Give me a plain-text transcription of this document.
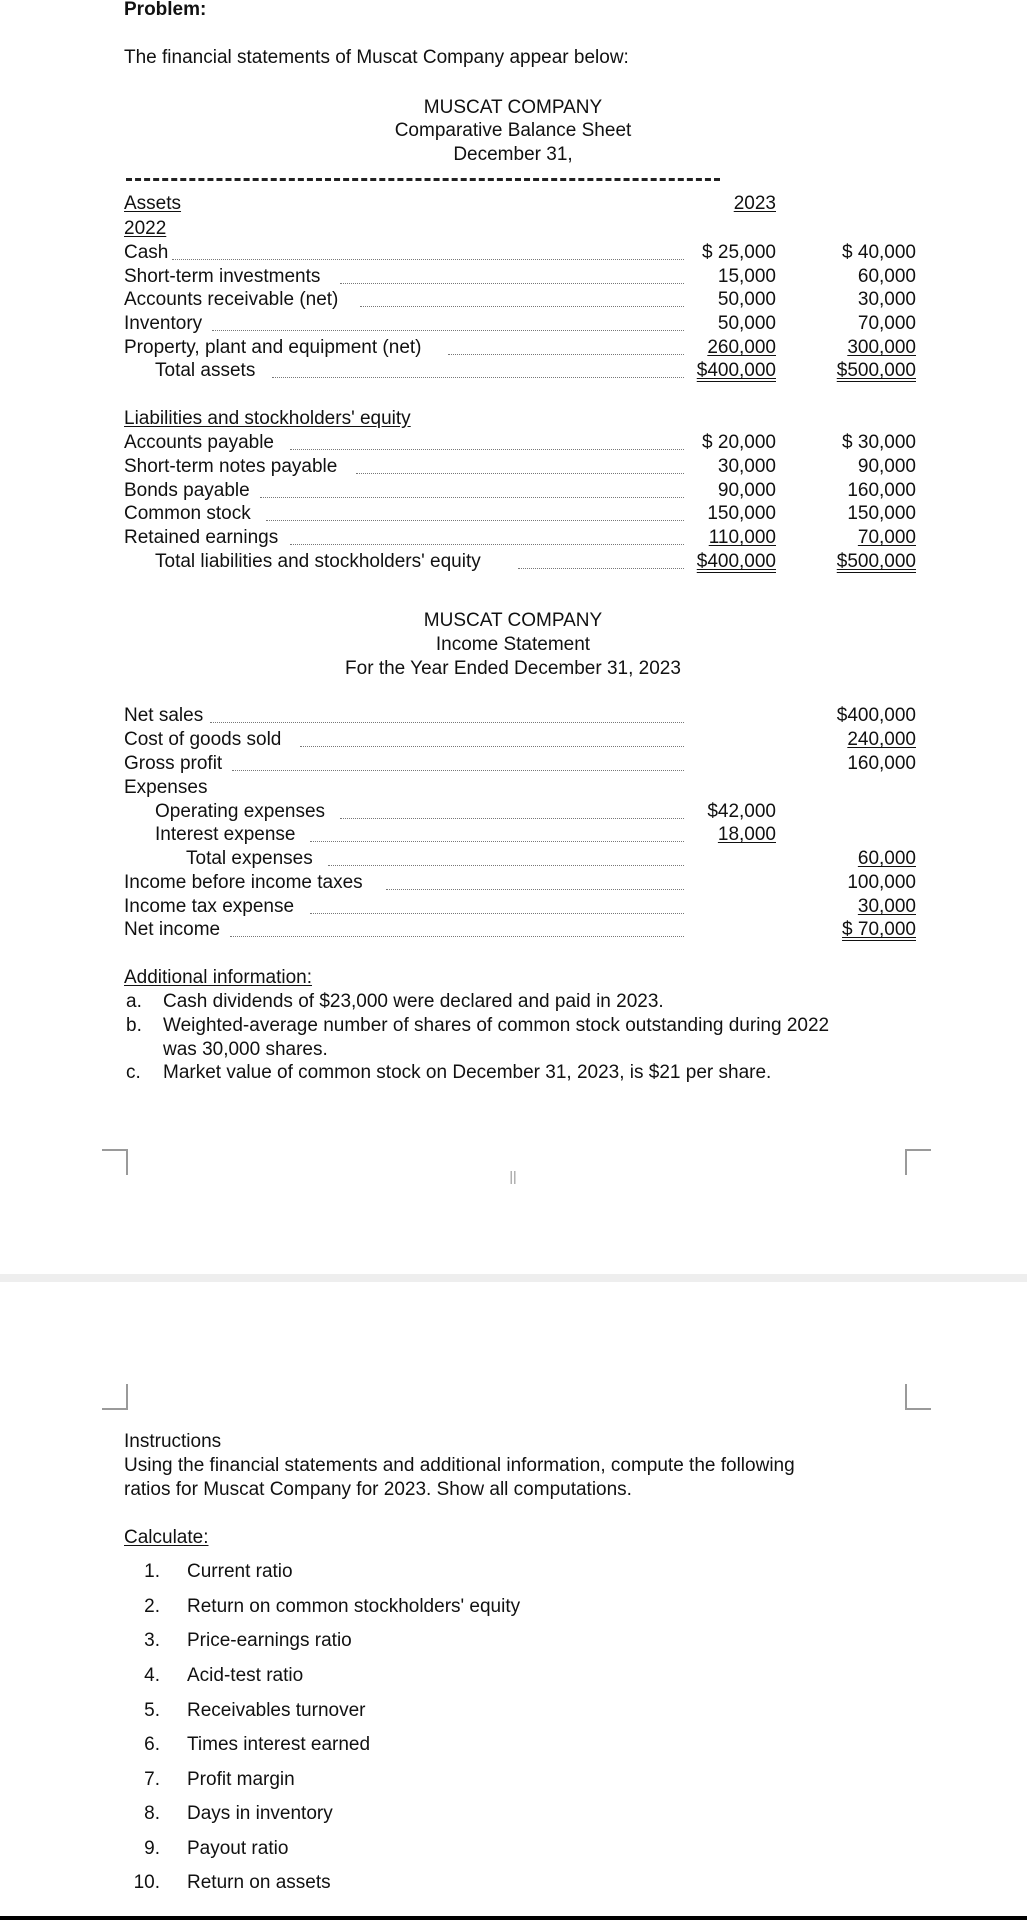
Problem:
The financial statements of Muscat Company appear below:
MUSCAT COMPANY
Comparative Balance Sheet
December 31,
Assets	2023
2022
Cash	$ 25,000	$ 40,000
Short-term investments	15,000	60,000
Accounts receivable (net)	50,000	30,000
Inventory	50,000	70,000
Property, plant and equipment (net)	260,000	300,000
Total assets	$400,000	$500,000
Liabilities and stockholders' equity
Accounts payable	$ 20,000	$ 30,000
Short-term notes payable	30,000	90,000
Bonds payable	90,000	160,000
Common stock	150,000	150,000
Retained earnings	110,000	70,000
Total liabilities and stockholders' equity	$400,000	$500,000
MUSCAT COMPANY
Income Statement
For the Year Ended December 31, 2023
Net sales	$400,000
Cost of goods sold	240,000
Gross profit	160,000
Expenses
Operating expenses	$42,000
Interest expense	18,000
Total expenses	60,000
Income before income taxes	100,000
Income tax expense	30,000
Net income	$ 70,000
Additional information:
a. Cash dividends of $23,000 were declared and paid in 2023.
b. Weighted-average number of shares of common stock outstanding during 2022
was 30,000 shares.
c. Market value of common stock on December 31, 2023, is $21 per share.
||
Instructions
Using the financial statements and additional information, compute the following
ratios for Muscat Company for 2023. Show all computations.
Calculate:
1. Current ratio
2. Return on common stockholders' equity
3. Price-earnings ratio
4. Acid-test ratio
5. Receivables turnover
6. Times interest earned
7. Profit margin
8. Days in inventory
9. Payout ratio
10. Return on assets
